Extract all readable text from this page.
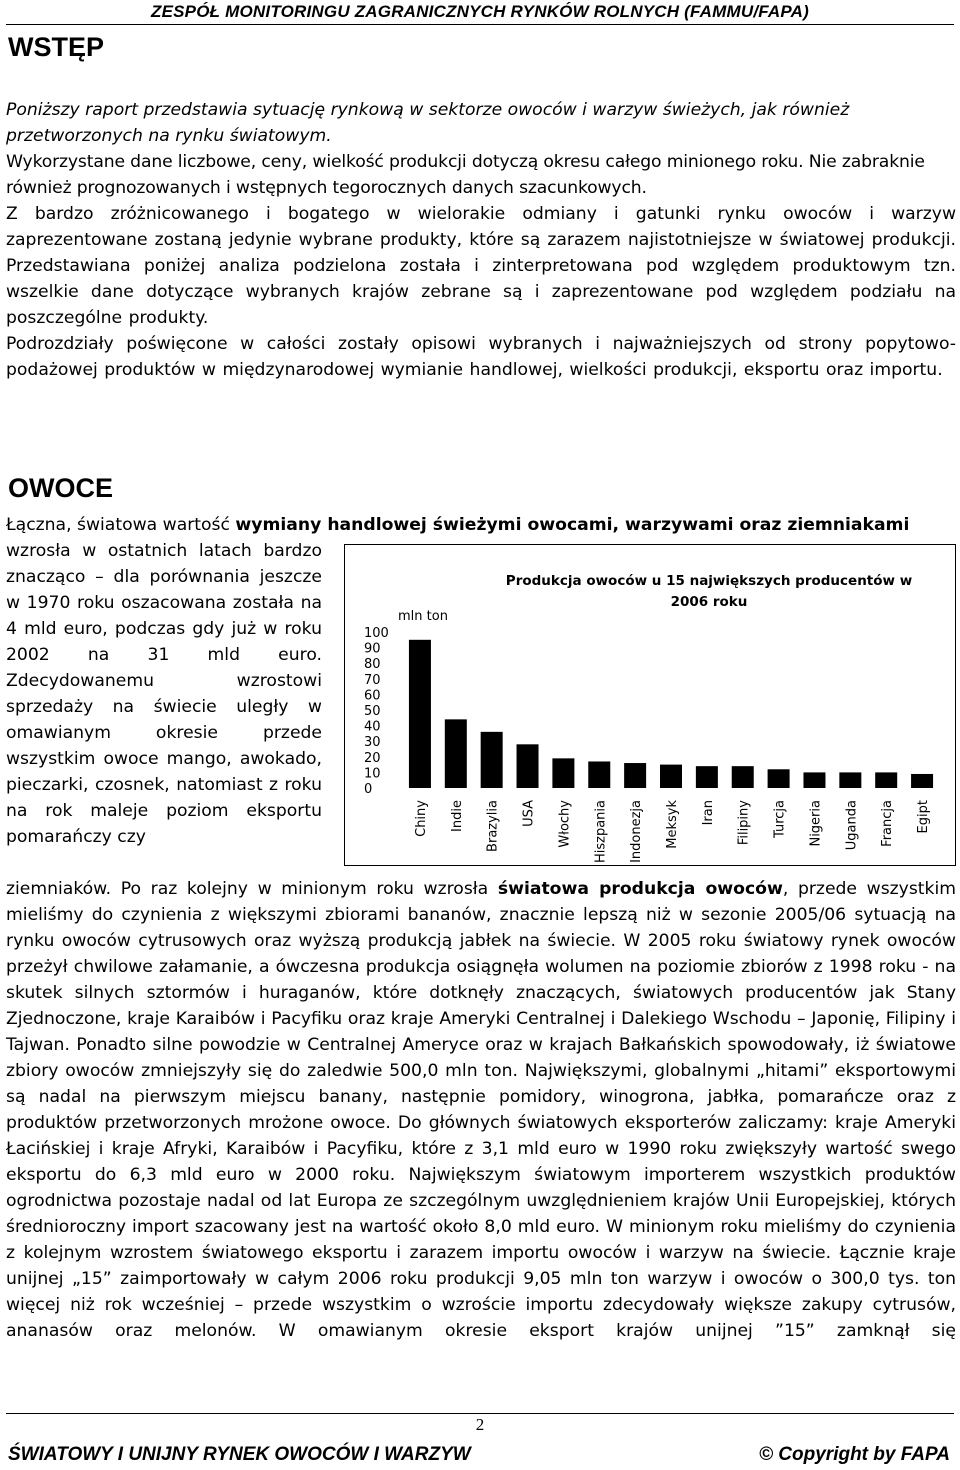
ZESPÓŁ MONITORINGU ZAGRANICZNYCH RYNKÓW ROLNYCH (FAMMU/FAPA)
WSTĘP

Poniższy raport przedstawia sytuację rynkową w sektorze owoców i warzyw świeżych, jak również przetworzonych na rynku światowym.

Wykorzystane dane liczbowe, ceny, wielkość produkcji dotyczą okresu całego minionego roku. Nie zabraknie również prognozowanych i wstępnych tegorocznych danych szacunkowych.

Z bardzo zróżnicowanego i bogatego w wielorakie odmiany i gatunki rynku owoców i warzyw zaprezentowane zostaną jedynie wybrane produkty, które są zarazem najistotniejsze w światowej produkcji. Przedstawiana poniżej analiza podzielona została i zinterpretowana pod względem produktowym tzn. wszelkie dane dotyczące wybranych krajów zebrane są i zaprezentowane pod względem podziału na poszczególne produkty.

Podrozdziały poświęcone w całości zostały opisowi wybranych i najważniejszych od strony popytowo-podażowej produktów w międzynarodowej wymianie handlowej, wielkości produkcji, eksportu oraz importu.

OWOCE

Łączna, światowa wartość wymiany handlowej świeżymi owocami, warzywami oraz ziemniakami

wzrosła w ostatnich latach bardzo znacząco – dla porównania jeszcze w 1970 roku oszacowana została na 4 mld euro, podczas gdy już w roku 2002 na 31 mld euro. Zdecydowanemu wzrostowi sprzedaży na świecie uległy w omawianym okresie przede wszystkim owoce mango, awokado, pieczarki, czosnek, natomiast z roku na rok maleje poziom eksportu pomarańczy czy

Produkcja owoców u 15 największych producentów w 2006 roku
mln ton
0
10
20
30
40
50
60
70
80
90
100
Chiny Indie Brazylia USA Włochy Hiszpania Indonezja Meksyk Iran Filipiny Turcja Nigeria Uganda Francja Egipt

ziemniaków. Po raz kolejny w minionym roku wzrosła światowa produkcja owoców, przede wszystkim mieliśmy do czynienia z większymi zbiorami bananów, znacznie lepszą niż w sezonie 2005/06 sytuacją na rynku owoców cytrusowych oraz wyższą produkcją jabłek na świecie. W 2005 roku światowy rynek owoców przeżył chwilowe załamanie, a ówczesna produkcja osiągnęła wolumen na poziomie zbiorów z 1998 roku - na skutek silnych sztormów i huraganów, które dotknęły znaczących, światowych producentów jak Stany Zjednoczone, kraje Karaibów i Pacyfiku oraz kraje Ameryki Centralnej i Dalekiego Wschodu – Japonię, Filipiny i Tajwan. Ponadto silne powodzie w Centralnej Ameryce oraz w krajach Bałkańskich spowodowały, iż światowe zbiory owoców zmniejszyły się do zaledwie 500,0 mln ton. Największymi, globalnymi „hitami” eksportowymi są nadal na pierwszym miejscu banany, następnie pomidory, winogrona, jabłka, pomarańcze oraz z produktów przetworzonych mrożone owoce. Do głównych światowych eksporterów zaliczamy: kraje Ameryki Łacińskiej i kraje Afryki, Karaibów i Pacyfiku, które z 3,1 mld euro w 1990 roku zwiększyły wartość swego eksportu do 6,3 mld euro w 2000 roku. Największym światowym importerem wszystkich produktów ogrodnictwa pozostaje nadal od lat Europa ze szczególnym uwzględnieniem krajów Unii Europejskiej, których średnioroczny import szacowany jest na wartość około 8,0 mld euro. W minionym roku mieliśmy do czynienia z kolejnym wzrostem światowego eksportu i zarazem importu owoców i warzyw na świecie. Łącznie kraje unijnej „15” zaimportowały w całym 2006 roku produkcji 9,05 mln ton warzyw i owoców o 300,0 tys. ton więcej niż rok wcześniej – przede wszystkim o wzroście importu zdecydowały większe zakupy cytrusów, ananasów oraz melonów. W omawianym okresie eksport krajów unijnej ”15” zamknął się

2
ŚWIATOWY I UNIJNY RYNEK OWOCÓW I WARZYW	© Copyright by FAPA
